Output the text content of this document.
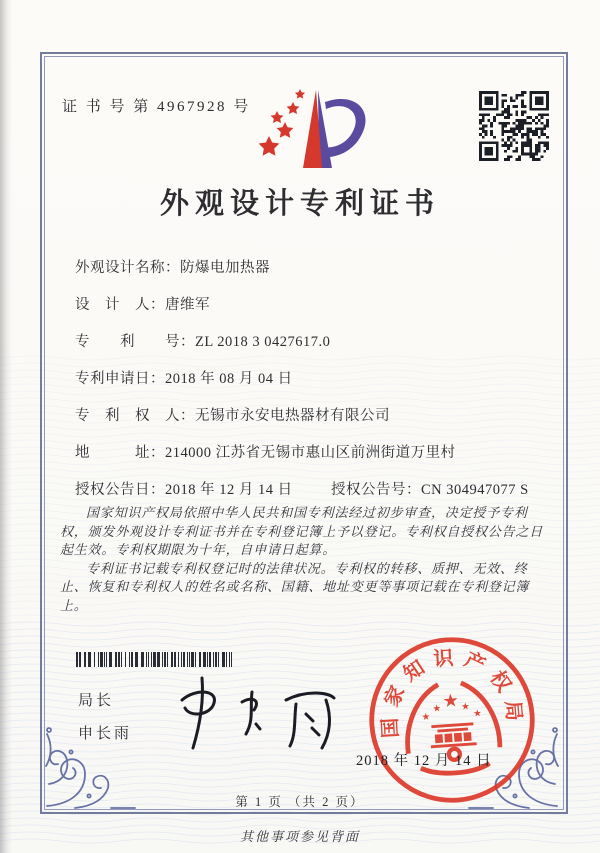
证 书 号 第 4967928 号
外观设计专利证书
外观设计名称：防爆电加热器
设　计　人：唐维军
专　　利　　号：ZL 2018 3 0427617.0
专利申请日：2018 年 08 月 04 日
专　利　权　人：无锡市永安电热器材有限公司
地　　　址：214000 江苏省无锡市惠山区前洲街道万里村
授权公告日：2018 年 12 月 14 日	授权公告号：CN 304947077 S

国家知识产权局依照中华人民共和国专利法经过初步审查，决定授予专利权，颁发外观设计专利证书并在专利登记簿上予以登记。专利权自授权公告之日起生效。专利权期限为十年，自申请日起算。

专利证书记载专利权登记时的法律状况。专利权的转移、质押、无效、终止、恢复和专利权人的姓名或名称、国籍、地址变更等事项记载在专利登记簿上。

局长
申长雨	国家知识产权局
★
★ ★
★	★
2018 年 12 月 14 日
第 1 页 （共 2 页）
其他事项参见背面
